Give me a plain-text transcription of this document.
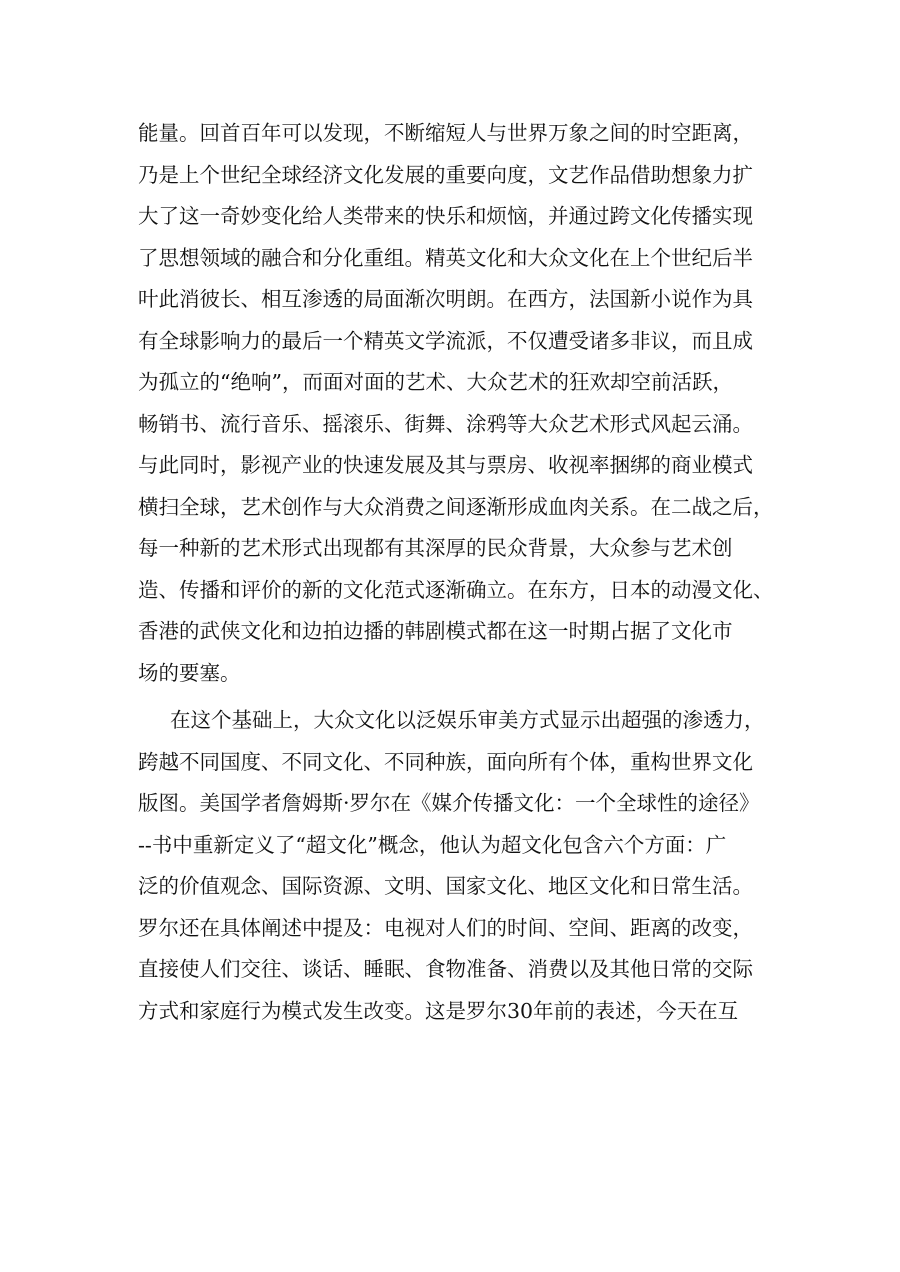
能量。回首百年可以发现，不断缩短人与世界万象之间的时空距离，
乃是上个世纪全球经济文化发展的重要向度，文艺作品借助想象力扩
大了这一奇妙变化给人类带来的快乐和烦恼，并通过跨文化传播实现
了思想领域的融合和分化重组。精英文化和大众文化在上个世纪后半
叶此消彼长、相互渗透的局面渐次明朗。在西方，法国新小说作为具
有全球影响力的最后一个精英文学流派，不仅遭受诸多非议，而且成
为孤立的“绝响”，而面对面的艺术、大众艺术的狂欢却空前活跃，
畅销书、流行音乐、摇滚乐、街舞、涂鸦等大众艺术形式风起云涌。
与此同时，影视产业的快速发展及其与票房、收视率捆绑的商业模式
横扫全球，艺术创作与大众消费之间逐渐形成血肉关系。在二战之后，
每一种新的艺术形式出现都有其深厚的民众背景，大众参与艺术创
造、传播和评价的新的文化范式逐渐确立。在东方，日本的动漫文化、
香港的武侠文化和边拍边播的韩剧模式都在这一时期占据了文化市
场的要塞。
在这个基础上，大众文化以泛娱乐审美方式显示出超强的渗透力，
跨越不同国度、不同文化、不同种族，面向所有个体，重构世界文化
版图。美国学者詹姆斯·罗尔在《媒介传播文化：一个全球性的途径》
--书中重新定义了“超文化”概念，他认为超文化包含六个方面：广
泛的价值观念、国际资源、文明、国家文化、地区文化和日常生活。
罗尔还在具体阐述中提及：电视对人们的时间、空间、距离的改变，
直接使人们交往、谈话、睡眠、食物准备、消费以及其他日常的交际
方式和家庭行为模式发生改变。这是罗尔30年前的表述，今天在互
